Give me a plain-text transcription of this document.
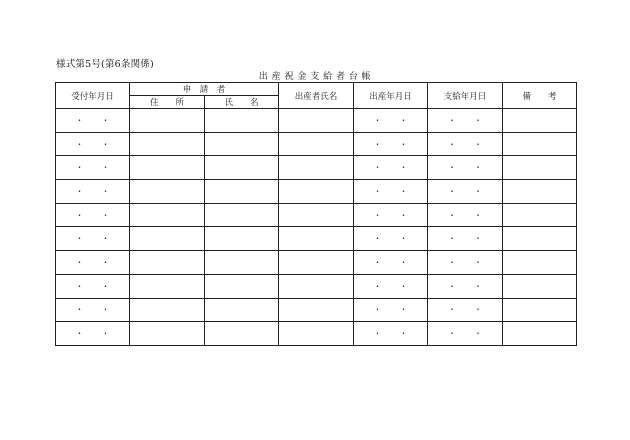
様式第5号(第6条関係)
出 産 祝 金 支 給 者 台 帳
受付年月日	申　請　者		出産者氏名	出産年月日	支給年月日	備　　考
	住　　所	氏　　名				
・ ・				・ ・	・ ・	
・ ・				・ ・	・ ・	
・ ・				・ ・	・ ・	
・ ・				・ ・	・ ・	
・ ・				・ ・	・ ・	
・ ・				・ ・	・ ・	
・ ・				・ ・	・ ・	
・ ・				・ ・	・ ・	
・ ・				・ ・	・ ・	
・ ・				・ ・	・ ・	
